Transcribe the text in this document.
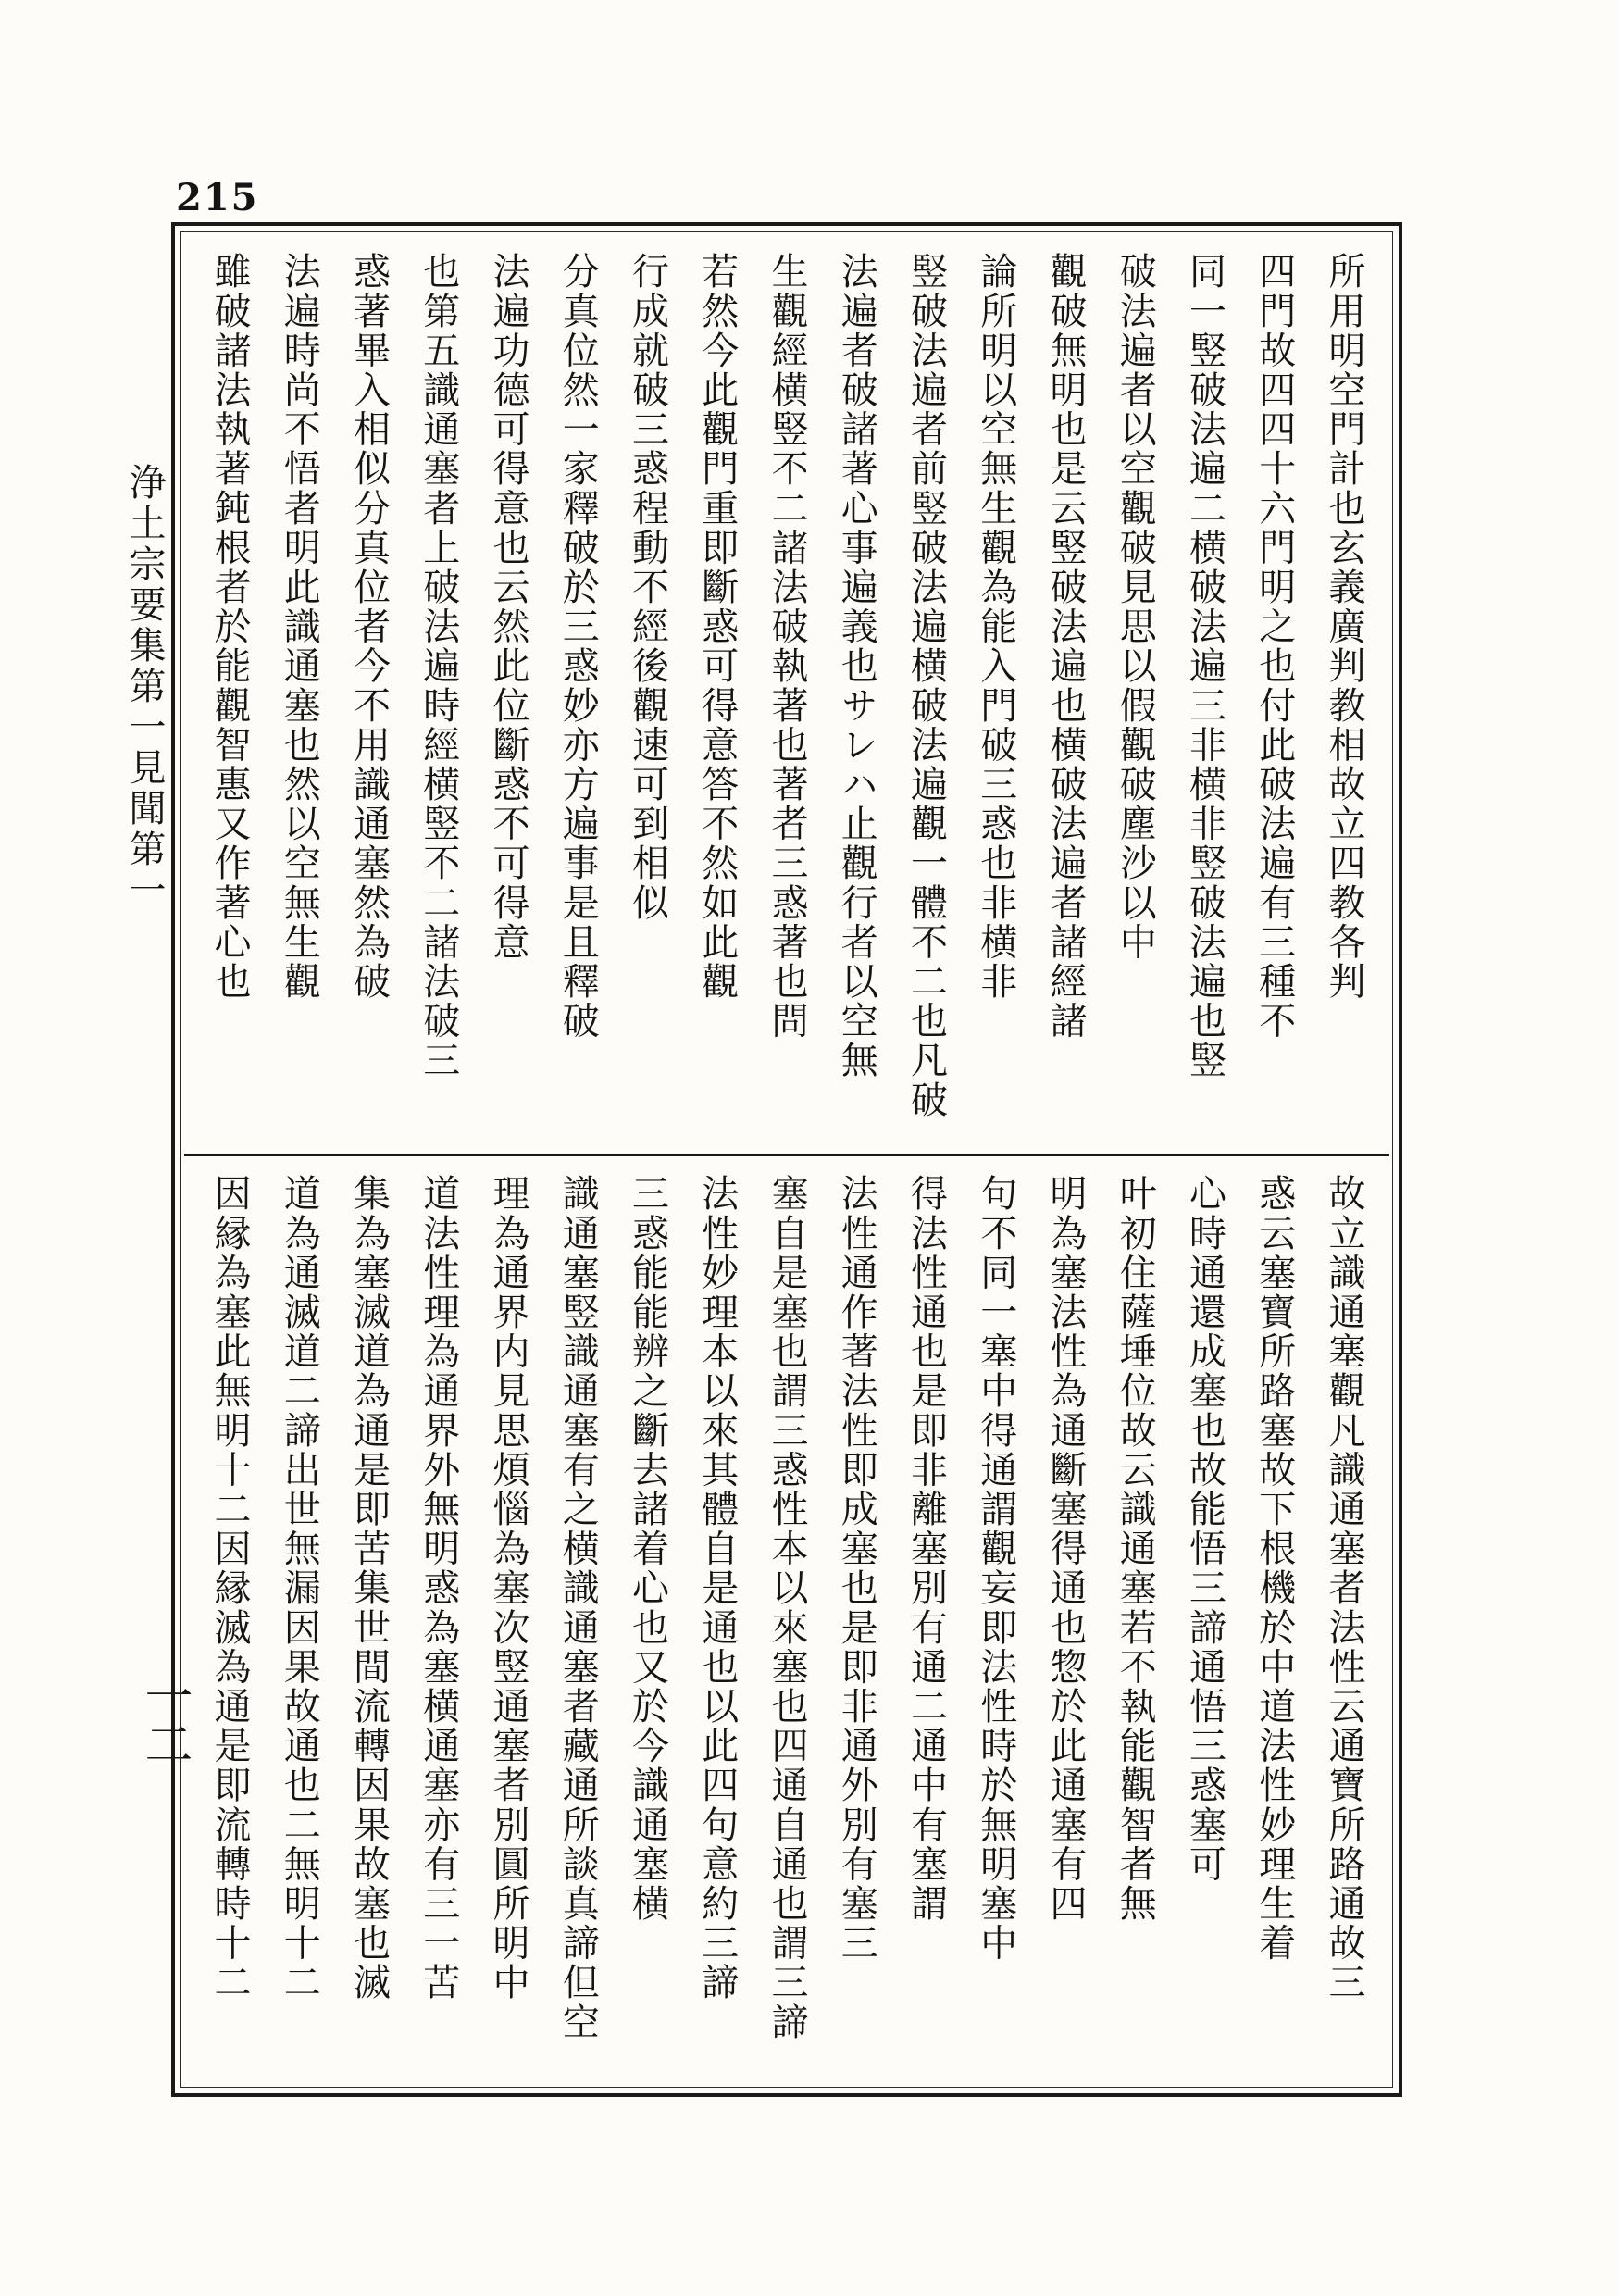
215
浄土宗要集第一見聞第一
一二
所用明空門計也玄義廣判教相故立四教各判
四門故四四十六門明之也付此破法遍有三種不
同一竪破法遍二横破法遍三非横非竪破法遍也竪
破法遍者以空觀破見思以假觀破塵沙以中
觀破無明也是云竪破法遍也横破法遍者諸經諸
論所明以空無生觀為能入門破三惑也非横非
竪破法遍者前竪破法遍横破法遍觀一體不二也凡破
法遍者破諸著心事遍義也サレハ止觀行者以空無
生觀經横竪不二諸法破執著也著者三惑著也問
若然今此觀門重即斷惑可得意答不然如此觀
行成就破三惑程動不經後觀速可到相似
分真位然一家釋破於三惑妙亦方遍事是且釋破
法遍功德可得意也云然此位斷惑不可得意
也第五識通塞者上破法遍時經横竪不二諸法破三
惑著畢入相似分真位者今不用識通塞然為破
法遍時尚不悟者明此識通塞也然以空無生觀
雖破諸法執著鈍根者於能觀智惠又作著心也
故立識通塞觀凡識通塞者法性云通寶所路通故三
惑云塞寶所路塞故下根機於中道法性妙理生着
心時通還成塞也故能悟三諦通悟三惑塞可
叶初住薩埵位故云識通塞若不執能觀智者無
明為塞法性為通斷塞得通也惣於此通塞有四
句不同一塞中得通謂觀妄即法性時於無明塞中
得法性通也是即非離塞別有通二通中有塞謂
法性通作著法性即成塞也是即非通外別有塞三
塞自是塞也謂三惑性本以來塞也四通自通也謂三諦
法性妙理本以來其體自是通也以此四句意約三諦
三惑能能辨之斷去諸着心也又於今識通塞横
識通塞竪識通塞有之横識通塞者藏通所談真諦但空
理為通界内見思煩惱為塞次竪通塞者別圓所明中
道法性理為通界外無明惑為塞横通塞亦有三一苦
集為塞滅道為通是即苦集世間流轉因果故塞也滅
道為通滅道二諦出世無漏因果故通也二無明十二
因縁為塞此無明十二因縁滅為通是即流轉時十二
